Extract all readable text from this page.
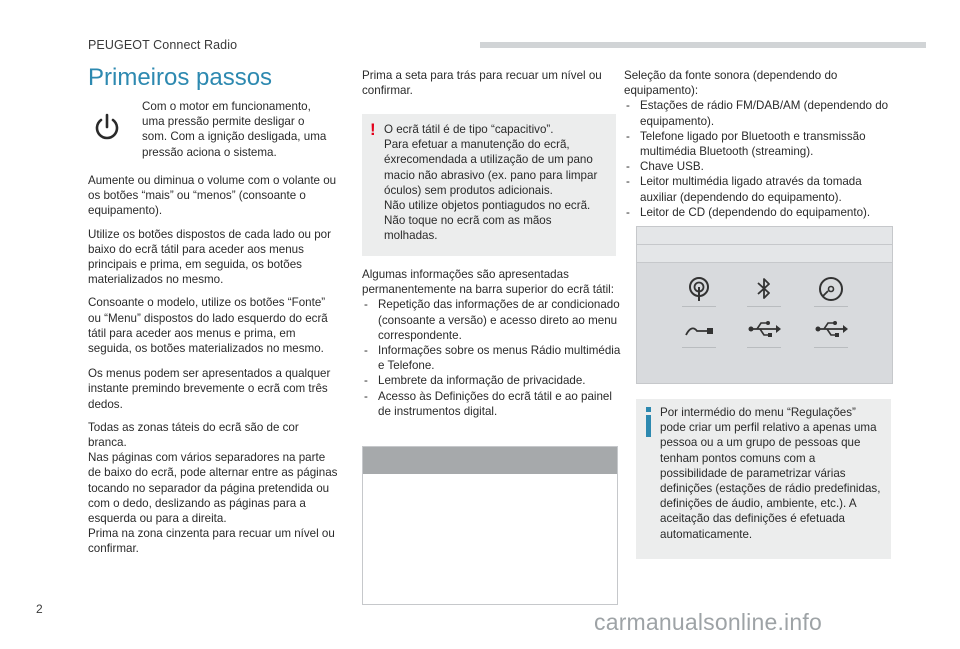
PEUGEOT Connect Radio
Primeiros passos
Com o motor em funcionamento, uma pressão permite desligar o som. Com a ignição desligada, uma pressão aciona o sistema.

Aumente ou diminua o volume com o volante ou os botões “mais” ou “menos” (consoante o equipamento).

Utilize os botões dispostos de cada lado ou por baixo do ecrã tátil para aceder aos menus principais e prima, em seguida, os botões materializados no mesmo.

Consoante o modelo, utilize os botões “Fonte” ou “Menu” dispostos do lado esquerdo do ecrã tátil para aceder aos menus e prima, em seguida, os botões materializados no mesmo.

Os menus podem ser apresentados a qualquer instante premindo brevemente o ecrã com três dedos.

Todas as zonas táteis do ecrã são de cor branca.

Nas páginas com vários separadores na parte de baixo do ecrã, pode alternar entre as páginas tocando no separador da página pretendida ou com o dedo, deslizando as páginas para a esquerda ou para a direita.

Prima na zona cinzenta para recuar um nível ou confirmar.

Prima a seta para trás para recuar um nível ou confirmar.
! O ecrã tátil é de tipo “capacitivo”.
Para efetuar a manutenção do ecrã, éxrecomendada a utilização de um pano macio não abrasivo (ex. pano para limpar óculos) sem produtos adicionais.
Não utilize objetos pontiagudos no ecrã.
Não toque no ecrã com as mãos molhadas.

Algumas informações são apresentadas permanentemente na barra superior do ecrã tátil:

- Repetição das informações de ar condicionado (consoante a versão) e acesso direto ao menu correspondente.
- Informações sobre os menus Rádio multimédia e Telefone.
- Lembrete da informação de privacidade.
- Acesso às Definições do ecrã tátil e ao painel de instrumentos digital.

Seleção da fonte sonora (dependendo do equipamento):

- Estações de rádio FM/DAB/AM (dependendo do equipamento).
- Telefone ligado por Bluetooth e transmissão multimédia Bluetooth (streaming).
- Chave USB.
- Leitor multimédia ligado através da tomada auxiliar (dependendo do equipamento).
- Leitor de CD (dependendo do equipamento).
Por intermédio do menu “Regulações” pode criar um perfil relativo a apenas uma pessoa ou a um grupo de pessoas que tenham pontos comuns com a possibilidade de parametrizar várias definições (estações de rádio predefinidas, definições de áudio, ambiente, etc.). A aceitação das definições é efetuada automaticamente.
2	carmanualsonline.info
